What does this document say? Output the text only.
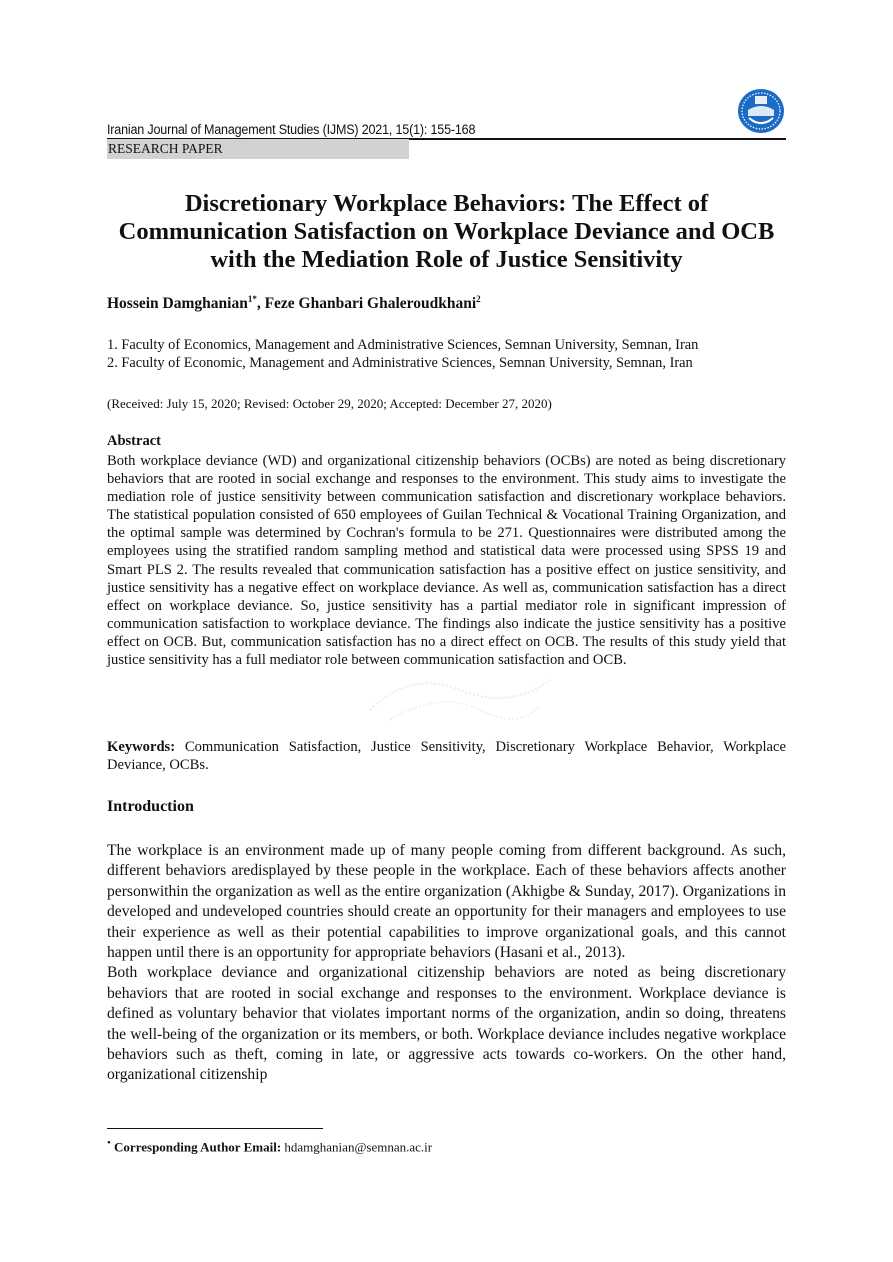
Iranian Journal of Management Studies (IJMS) 2021, 15(1): 155-168
RESEARCH PAPER
Discretionary Workplace Behaviors: The Effect of
Communication Satisfaction on Workplace Deviance and OCB
with the Mediation Role of Justice Sensitivity
Hossein Damghanian$^{1*}$, Feze Ghanbari Ghaleroudkhani$^2$
1. Faculty of Economics, Management and Administrative Sciences, Semnan University, Semnan, Iran
2. Faculty of Economic, Management and Administrative Sciences, Semnan University, Semnan, Iran
(Received: July 15, 2020; Revised: October 29, 2020; Accepted: December 27, 2020)
Abstract
Both workplace deviance (WD) and organizational citizenship behaviors (OCBs) are noted as being discretionary behaviors that are rooted in social exchange and responses to the environment. This study aims to investigate the mediation role of justice sensitivity between communication satisfaction and discretionary workplace behaviors. The statistical population consisted of 650 employees of Guilan Technical & Vocational Training Organization, and the optimal sample was determined by Cochran's formula to be 271. Questionnaires were distributed among the employees using the stratified random sampling method and statistical data were processed using SPSS 19 and Smart PLS 2. The results revealed that communication satisfaction has a positive effect on justice sensitivity, and justice sensitivity has a negative effect on workplace deviance. As well as, communication satisfaction has a direct effect on workplace deviance. So, justice sensitivity has a partial mediator role in significant impression of communication satisfaction to workplace deviance. The findings also indicate the justice sensitivity has a positive effect on OCB. But, communication satisfaction has no a direct effect on OCB. The results of this study yield that justice sensitivity has a full mediator role between communication satisfaction and OCB.
Keywords: Communication Satisfaction, Justice Sensitivity, Discretionary Workplace Behavior, Workplace Deviance, OCBs.
Introduction

The workplace is an environment made up of many people coming from different background. As such, different behaviors aredisplayed by these people in the workplace. Each of these behaviors affects another personwithin the organization as well as the entire organization (Akhigbe & Sunday, 2017). Organizations in developed and undeveloped countries should create an opportunity for their managers and employees to use their experience as well as their potential capabilities to improve organizational goals, and this cannot happen until there is an opportunity for appropriate behaviors (Hasani et al., 2013).

Both workplace deviance and organizational citizenship behaviors are noted as being discretionary behaviors that are rooted in social exchange and responses to the environment. Workplace deviance is defined as voluntary behavior that violates important norms of the organization, andin so doing, threatens the well-being of the organization or its members, or both. Workplace deviance includes negative workplace behaviors such as theft, coming in late, or aggressive acts towards co-workers. On the other hand, organizational citizenship

• Corresponding Author Email: hdamghanian@semnan.ac.ir
